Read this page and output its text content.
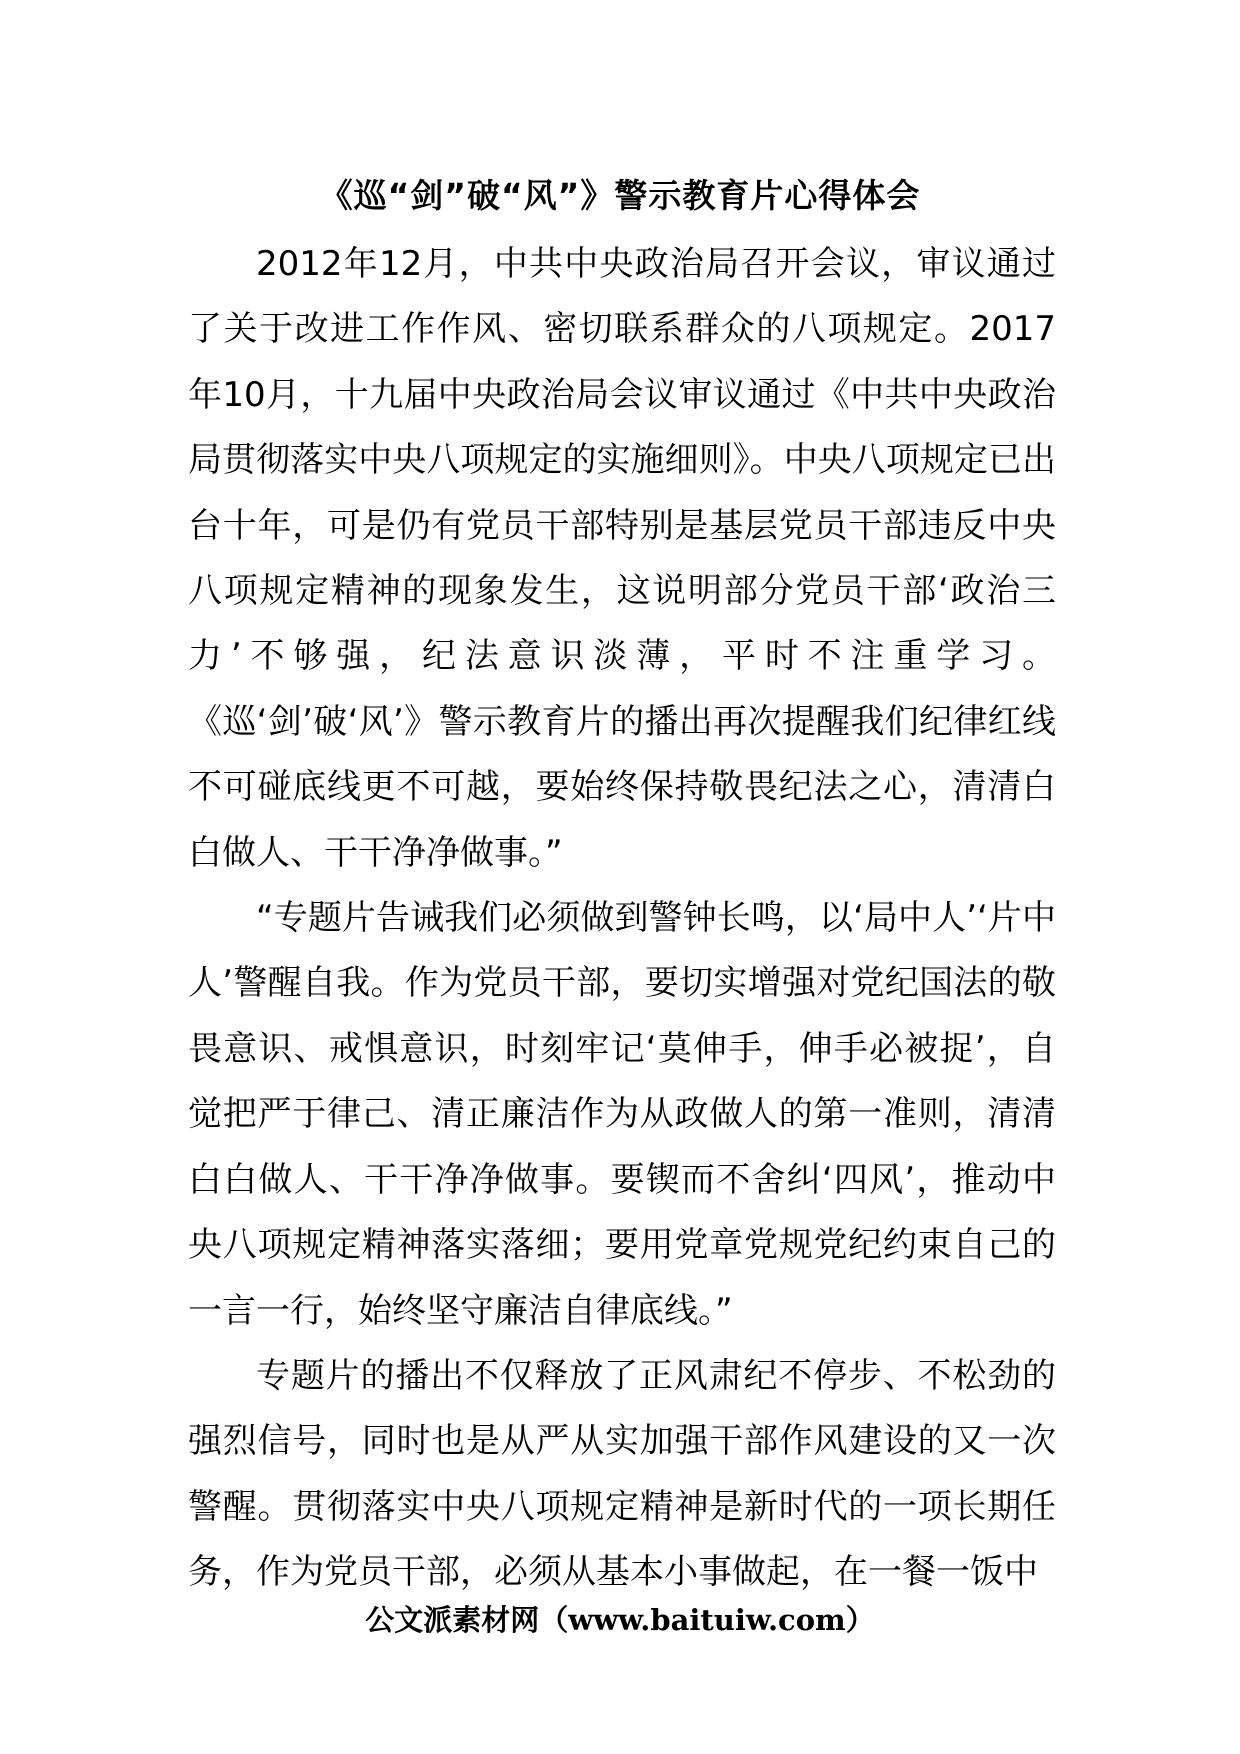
《巡“剑”破“风”》警示教育片心得体会

2012年12月，中共中央政治局召开会议，审议通过了关于改进工作作风、密切联系群众的八项规定。2017年10月，十九届中央政治局会议审议通过《中共中央政治局贯彻落实中央八项规定的实施细则》。中央八项规定已出台十年，可是仍有党员干部特别是基层党员干部违反中央八项规定精神的现象发生，这说明部分党员干部‘政治三力’不够强，纪法意识淡薄，平时不注重学习。《巡‘剑’破‘风’》警示教育片的播出再次提醒我们纪律红线不可碰底线更不可越，要始终保持敬畏纪法之心，清清白白做人、干干净净做事。”

“专题片告诫我们必须做到警钟长鸣，以‘局中人’‘片中人’警醒自我。作为党员干部，要切实增强对党纪国法的敬畏意识、戒惧意识，时刻牢记‘莫伸手，伸手必被捉’，自觉把严于律己、清正廉洁作为从政做人的第一准则，清清白白做人、干干净净做事。要锲而不舍纠‘四风’，推动中央八项规定精神落实落细；要用党章党规党纪约束自己的一言一行，始终坚守廉洁自律底线。”

专题片的播出不仅释放了正风肃纪不停步、不松劲的强烈信号，同时也是从严从实加强干部作风建设的又一次警醒。贯彻落实中央八项规定精神是新时代的一项长期任务，作为党员干部，必须从基本小事做起，在一餐一饭中

公文派素材网（www.baituiw.com）
